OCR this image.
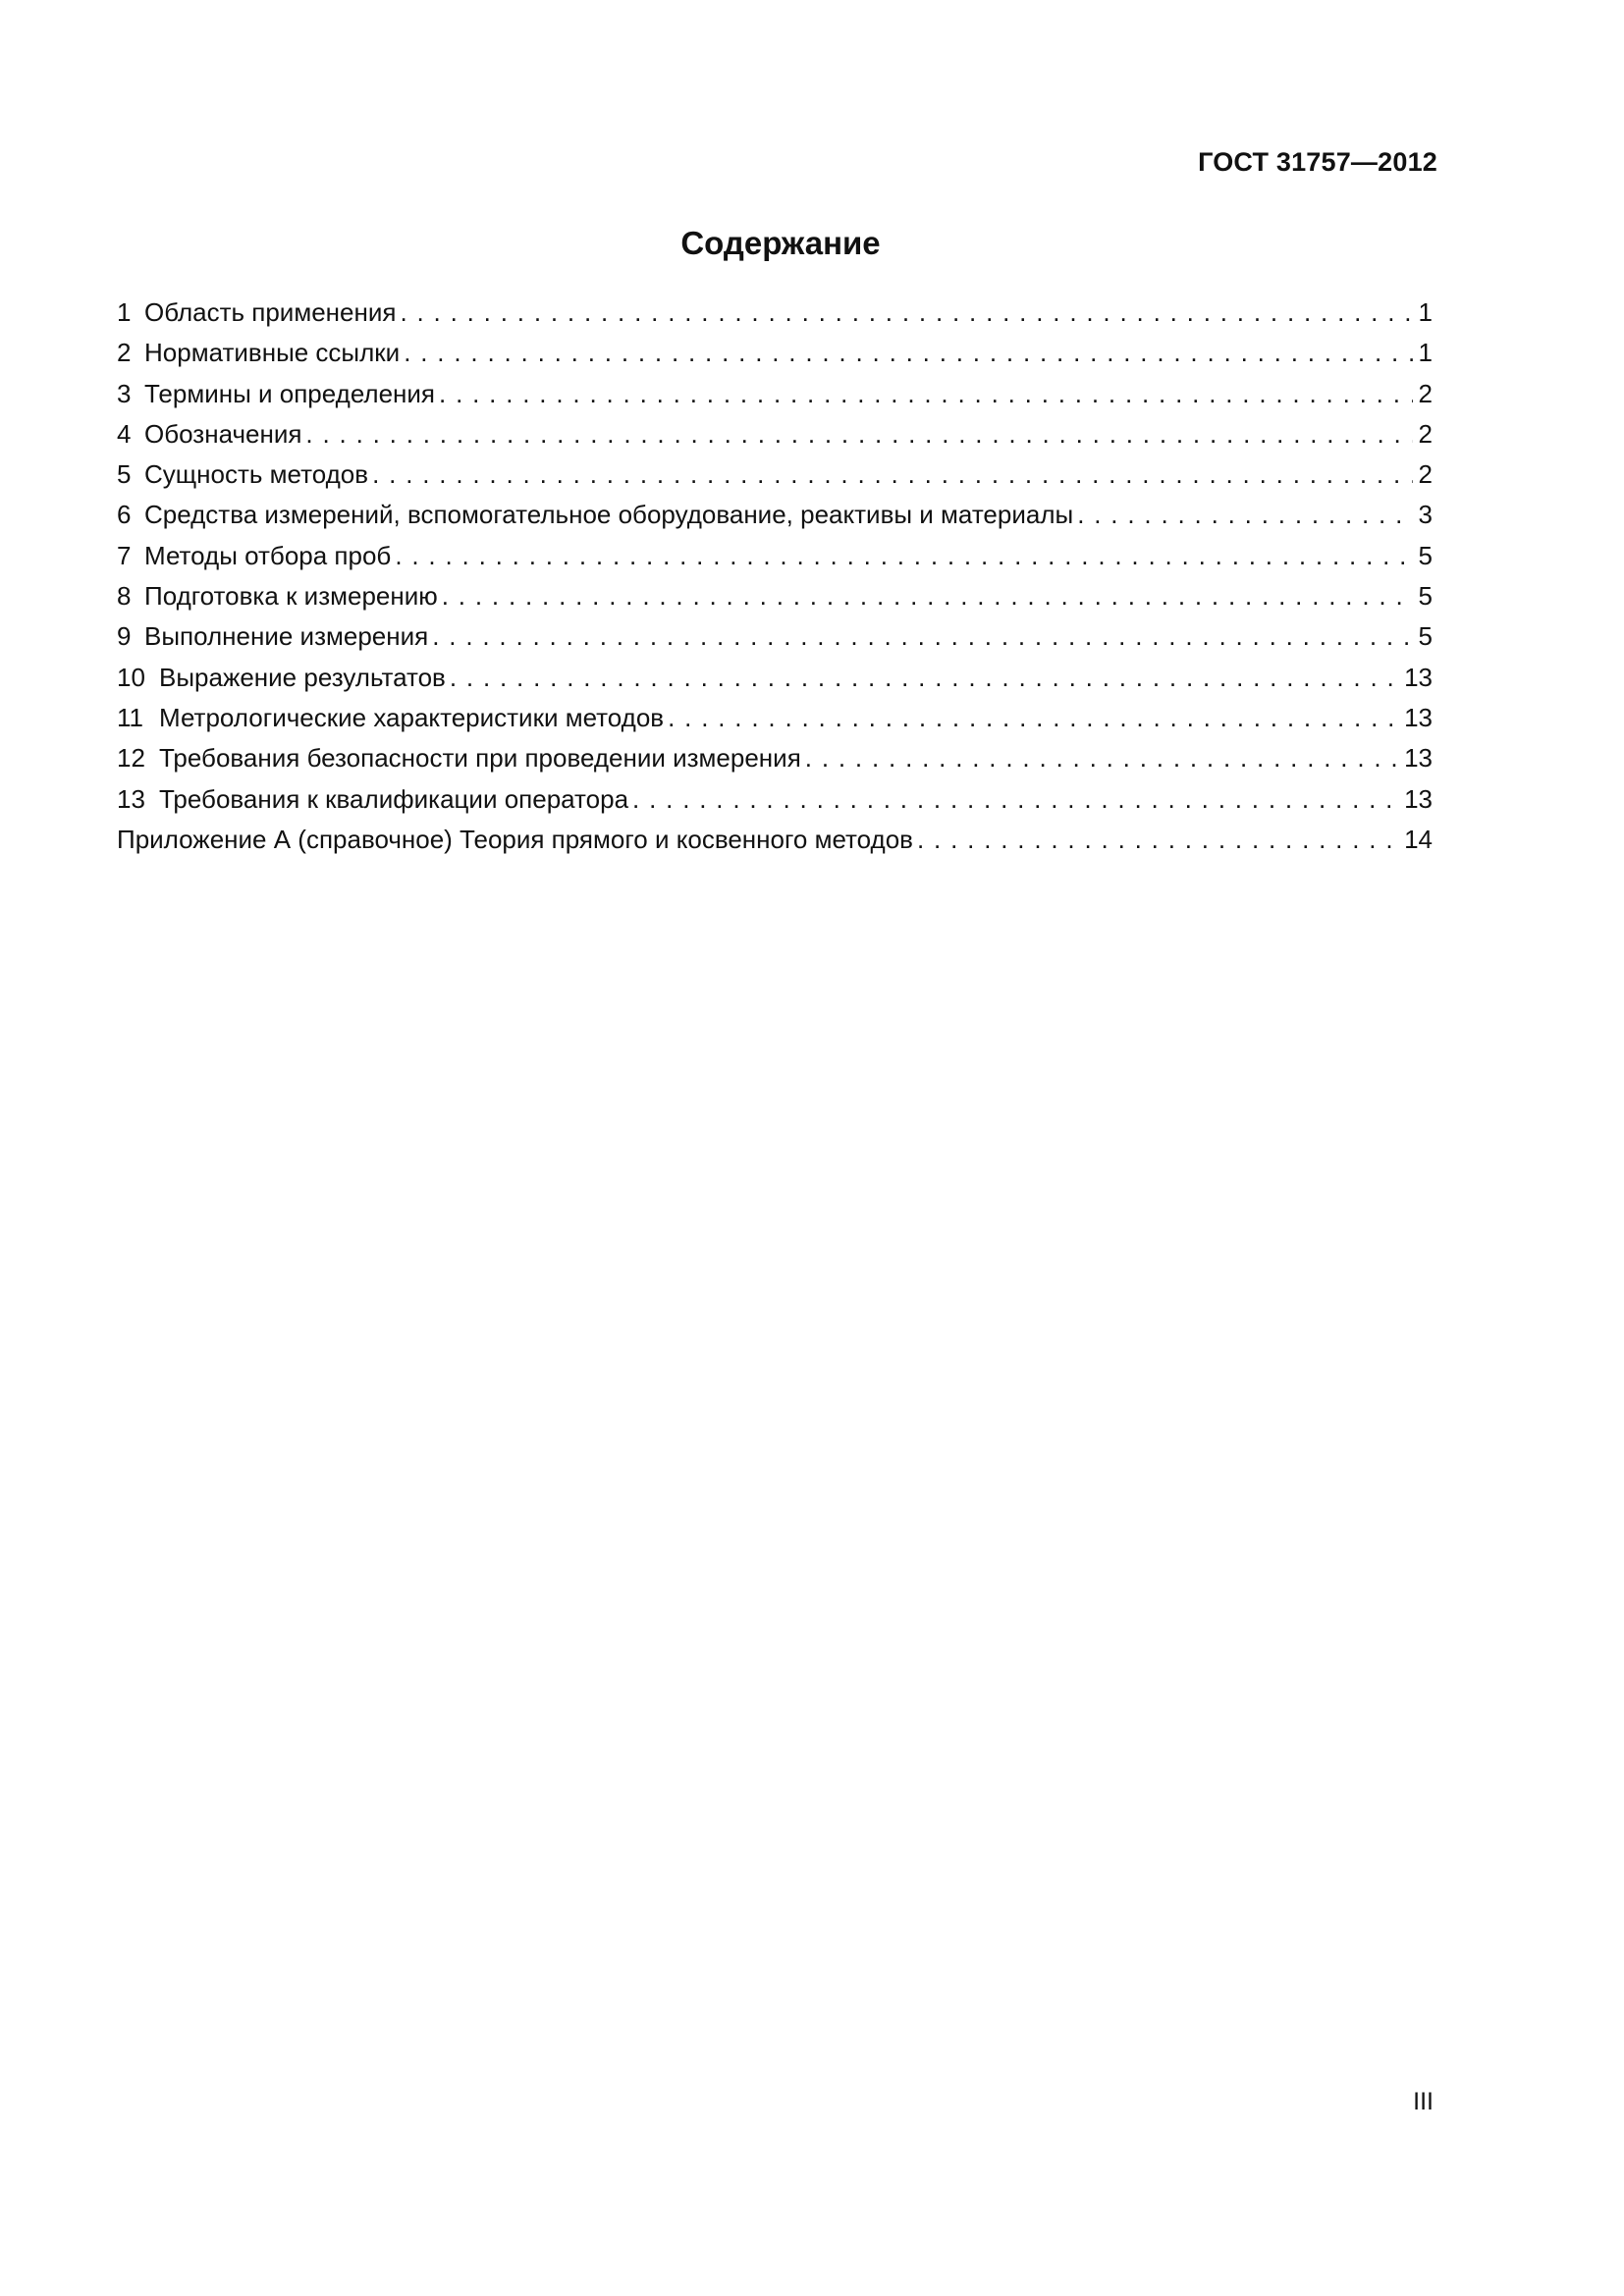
ГОСТ 31757—2012
Содержание
1 Область применения . . .	1
2 Нормативные ссылки . . .	1
3 Термины и определения . . .	2
4 Обозначения . . .	2
5 Сущность методов . . .	2
6 Средства измерений, вспомогательное оборудование, реактивы и материалы . . .	3
7 Методы отбора проб . . .	5
8 Подготовка к измерению . . .	5
9 Выполнение измерения . . .	5
10 Выражение результатов . . .	13
11 Метрологические характеристики методов . . .	13
12 Требования безопасности при проведении измерения . . .	13
13 Требования к квалификации оператора . . .	13
Приложение А (справочное) Теория прямого и косвенного методов . . .	14
III
